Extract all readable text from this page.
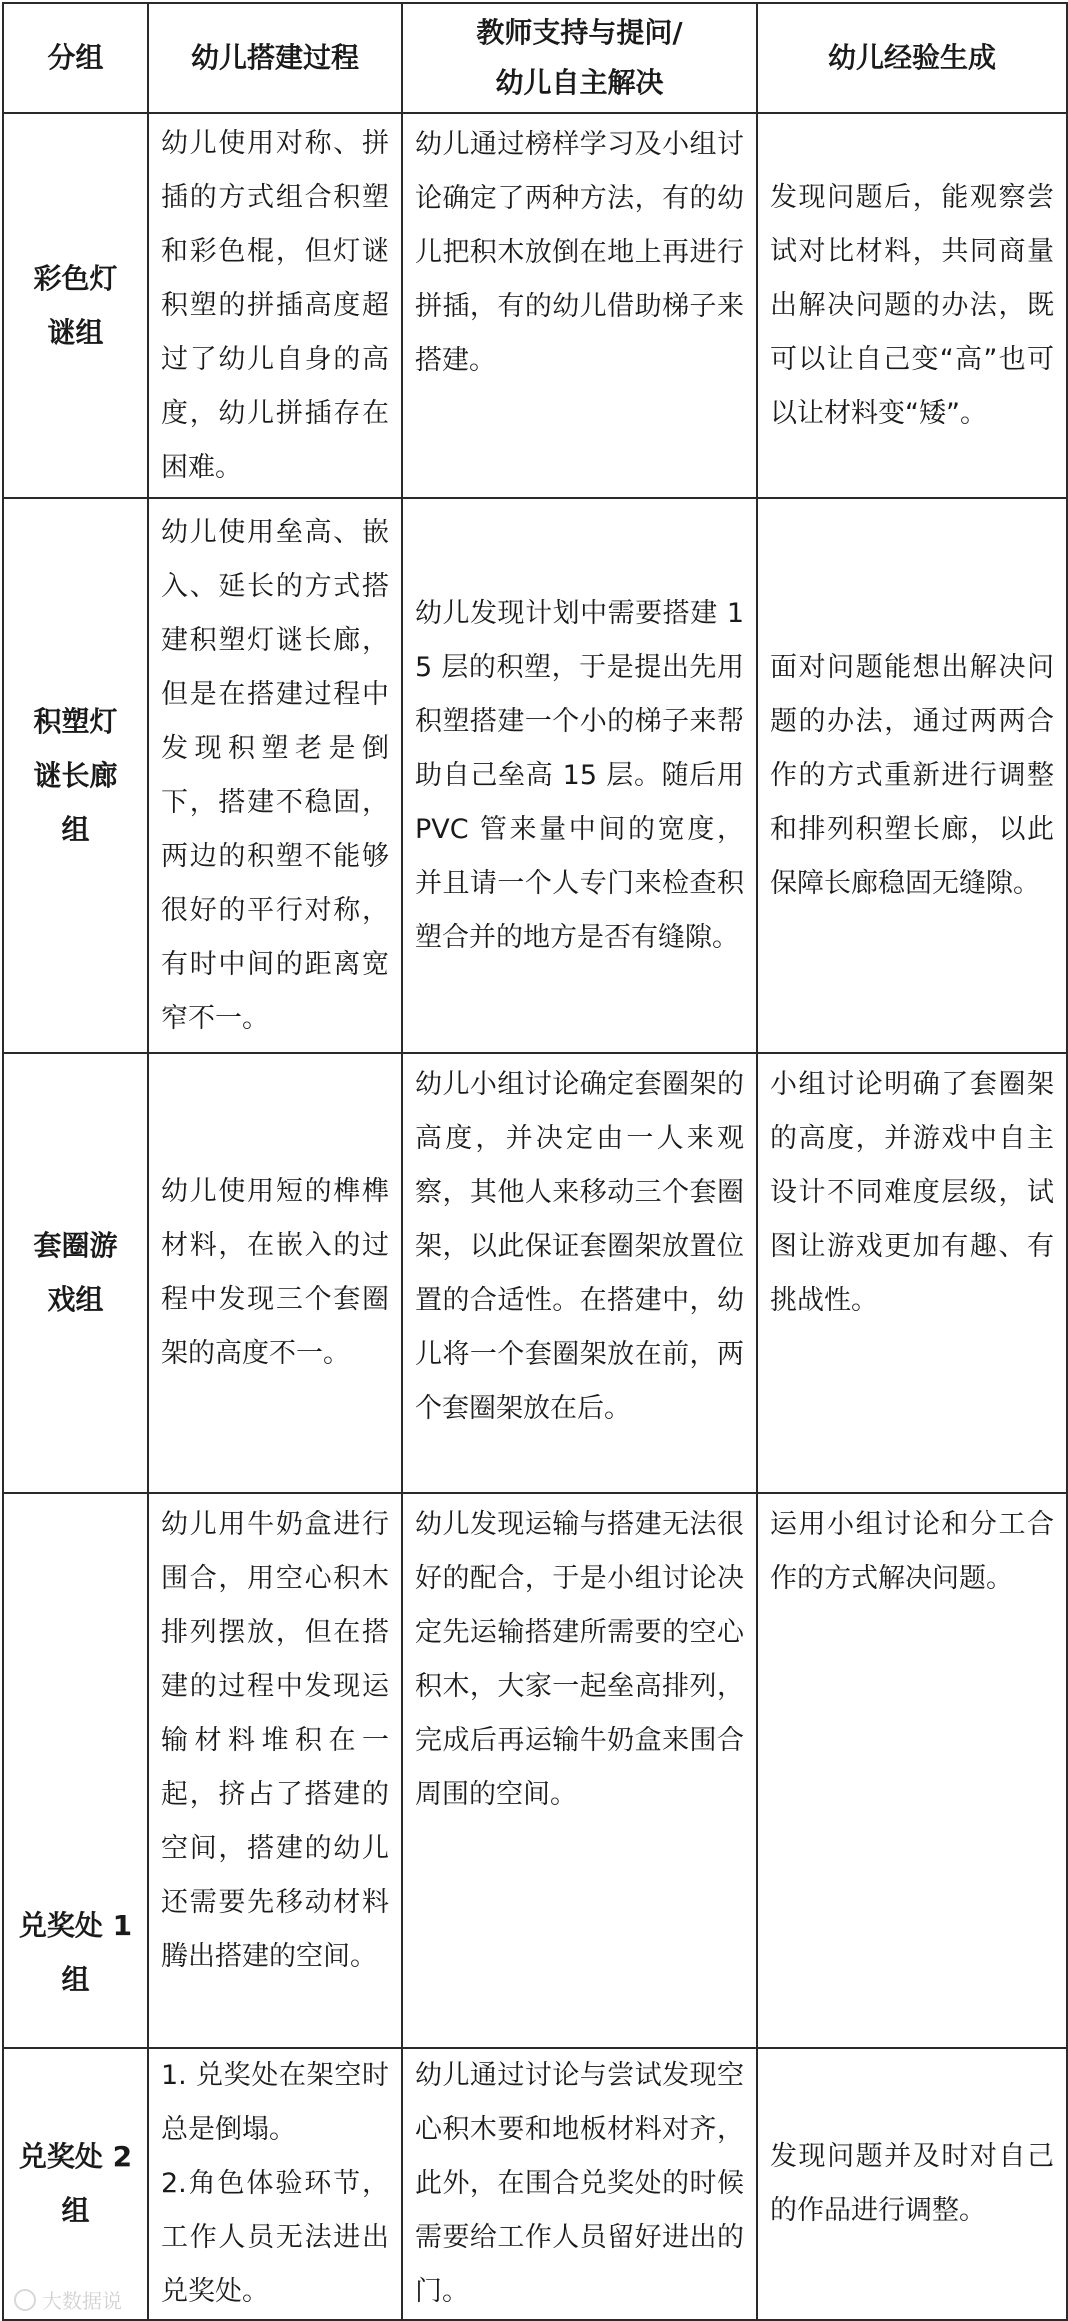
分组	幼儿搭建过程	教师支持与提问/
幼儿自主解决	幼儿经验生成

彩色灯
谜组	幼儿使用对称、拼插的方式组合积塑和彩色棍，但灯谜积塑的拼插高度超过了幼儿自身的高度，幼儿拼插存在困难。	幼儿通过榜样学习及小组讨论确定了两种方法，有的幼儿把积木放倒在地上再进行拼插，有的幼儿借助梯子来搭建。	发现问题后，能观察尝试对比材料，共同商量出解决问题的办法，既可以让自己变“高”也可以让材料变“矮”。

积塑灯
谜长廊
组	幼儿使用垒高、嵌入、延长的方式搭建积塑灯谜长廊，但是在搭建过程中发现积塑老是倒下，搭建不稳固，两边的积塑不能够很好的平行对称，有时中间的距离宽窄不一。	幼儿发现计划中需要搭建 15 层的积塑，于是提出先用积塑搭建一个小的梯子来帮助自己垒高 15 层。随后用 PVC 管来量中间的宽度，并且请一个人专门来检查积塑合并的地方是否有缝隙。	面对问题能想出解决问题的办法，通过两两合作的方式重新进行调整和排列积塑长廊，以此保障长廊稳固无缝隙。

套圈游
戏组	幼儿使用短的榫榫材料，在嵌入的过程中发现三个套圈架的高度不一。	幼儿小组讨论确定套圈架的高度，并决定由一人来观察，其他人来移动三个套圈架，以此保证套圈架放置位置的合适性。在搭建中，幼儿将一个套圈架放在前，两个套圈架放在后。	小组讨论明确了套圈架的高度，并游戏中自主设计不同难度层级，试图让游戏更加有趣、有挑战性。

兑奖处 1
组	幼儿用牛奶盒进行围合，用空心积木排列摆放，但在搭建的过程中发现运输材料堆积在一起，挤占了搭建的空间，搭建的幼儿还需要先移动材料腾出搭建的空间。	幼儿发现运输与搭建无法很好的配合，于是小组讨论决定先运输搭建所需要的空心积木，大家一起垒高排列，完成后再运输牛奶盒来围合周围的空间。	运用小组讨论和分工合作的方式解决问题。

兑奖处 2
组	1. 兑奖处在架空时总是倒塌。
2.角色体验环节，工作人员无法进出兑奖处。	幼儿通过讨论与尝试发现空心积木要和地板材料对齐，此外，在围合兑奖处的时候需要给工作人员留好进出的门。	发现问题并及时对自己的作品进行调整。
大数据说
